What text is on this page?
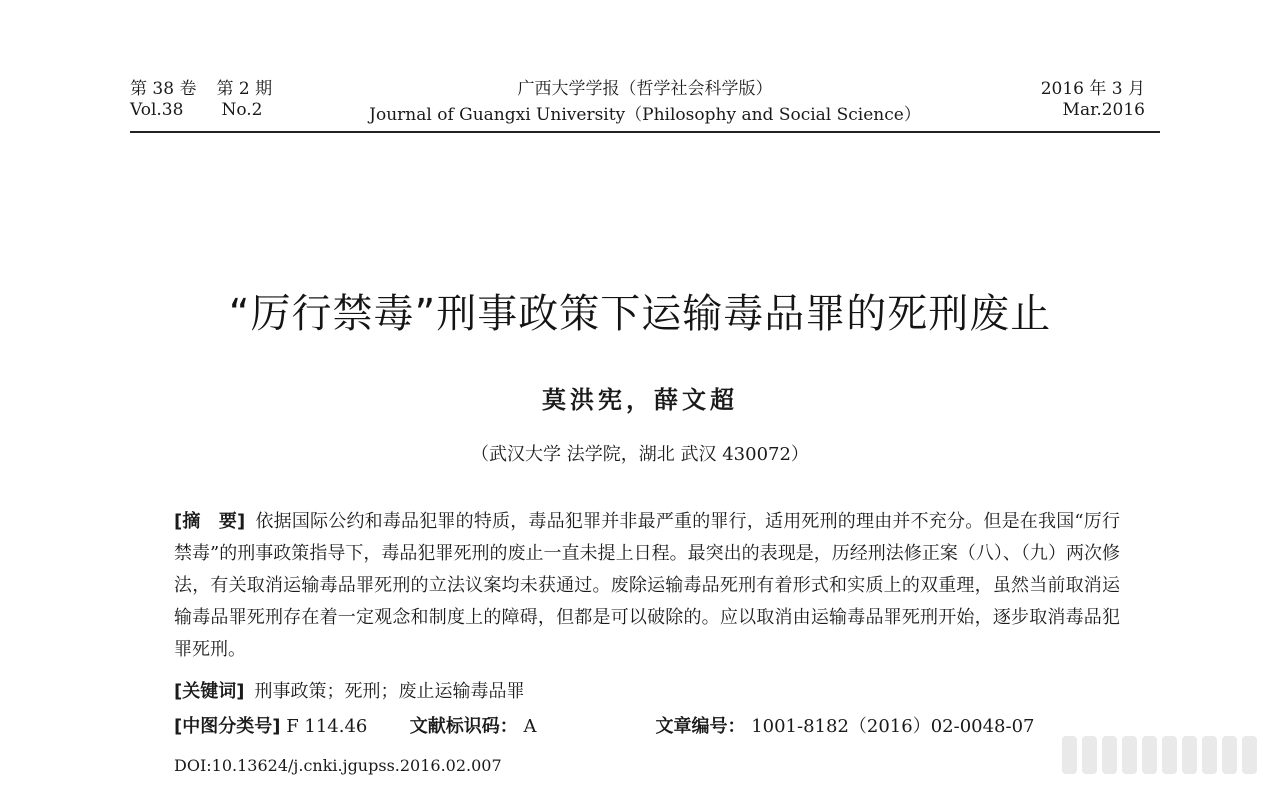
第 38 卷 第 2 期	广西大学学报（哲学社会科学版）	2016 年 3 月
Vol.38 No.2	Journal of Guangxi University（Philosophy and Social Science）	Mar.2016
“厉行禁毒”刑事政策下运输毒品罪的死刑废止
莫洪宪，薛文超
（武汉大学 法学院，湖北 武汉 430072）
[摘　要] 依据国际公约和毒品犯罪的特质，毒品犯罪并非最严重的罪行，适用死刑的理由并不充分。但是在我国“厉行禁毒”的刑事政策指导下，毒品犯罪死刑的废止一直未提上日程。最突出的表现是，历经刑法修正案（八）、（九）两次修法，有关取消运输毒品罪死刑的立法议案均未获通过。废除运输毒品死刑有着形式和实质上的双重理，虽然当前取消运输毒品罪死刑存在着一定观念和制度上的障碍，但都是可以破除的。应以取消由运输毒品罪死刑开始，逐步取消毒品犯罪死刑。
[关键词] 刑事政策；死刑；废止运输毒品罪
[中图分类号] F 114.46 文献标识码： A	文章编号： 1001-8182（2016）02-0048-07
DOI:10.13624/j.cnki.jgupss.2016.02.007
